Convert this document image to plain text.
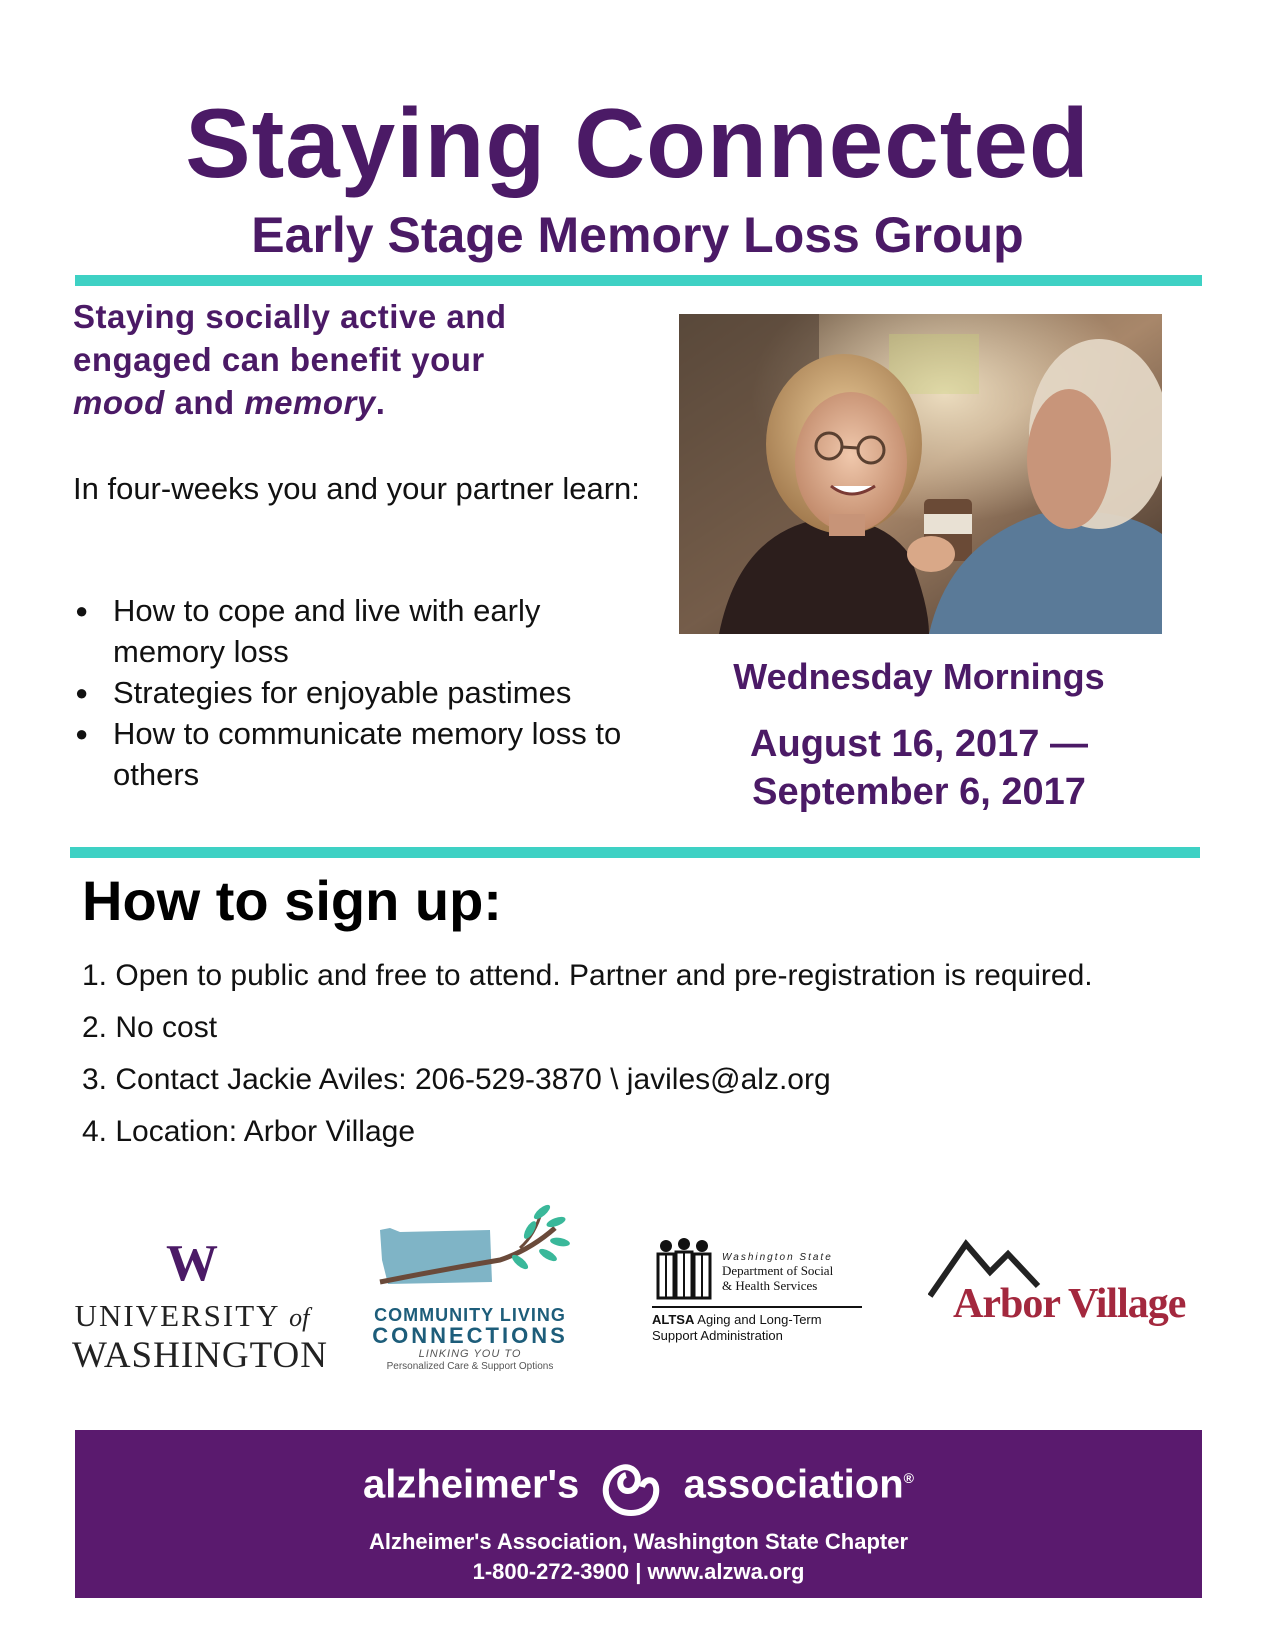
Staying Connected
Early Stage Memory Loss Group
Staying socially active and
engaged can benefit your
mood and memory.
In four-weeks you and your partner learn:
● How to cope and live with early memory loss
● Strategies for enjoyable pastimes
● How to communicate memory loss to others
Wednesday Mornings
August 16, 2017 —
September 6, 2017
How to sign up:
1. Open to public and free to attend. Partner and pre-registration is required.
2. No cost
3. Contact Jackie Aviles: 206-529-3870 \ javiles@alz.org
4. Location: Arbor Village
W
UNIVERSITY of
WASHINGTON
COMMUNITY LIVING
CONNECTIONS
LINKING YOU TO
Personalized Care & Support Options
Washington State
Department of Social
& Health Services
ALTSA Aging and Long-Term
Support Administration
Arbor Village
alzheimer's	association®
Alzheimer's Association, Washington State Chapter
1-800-272-3900 | www.alzwa.org
